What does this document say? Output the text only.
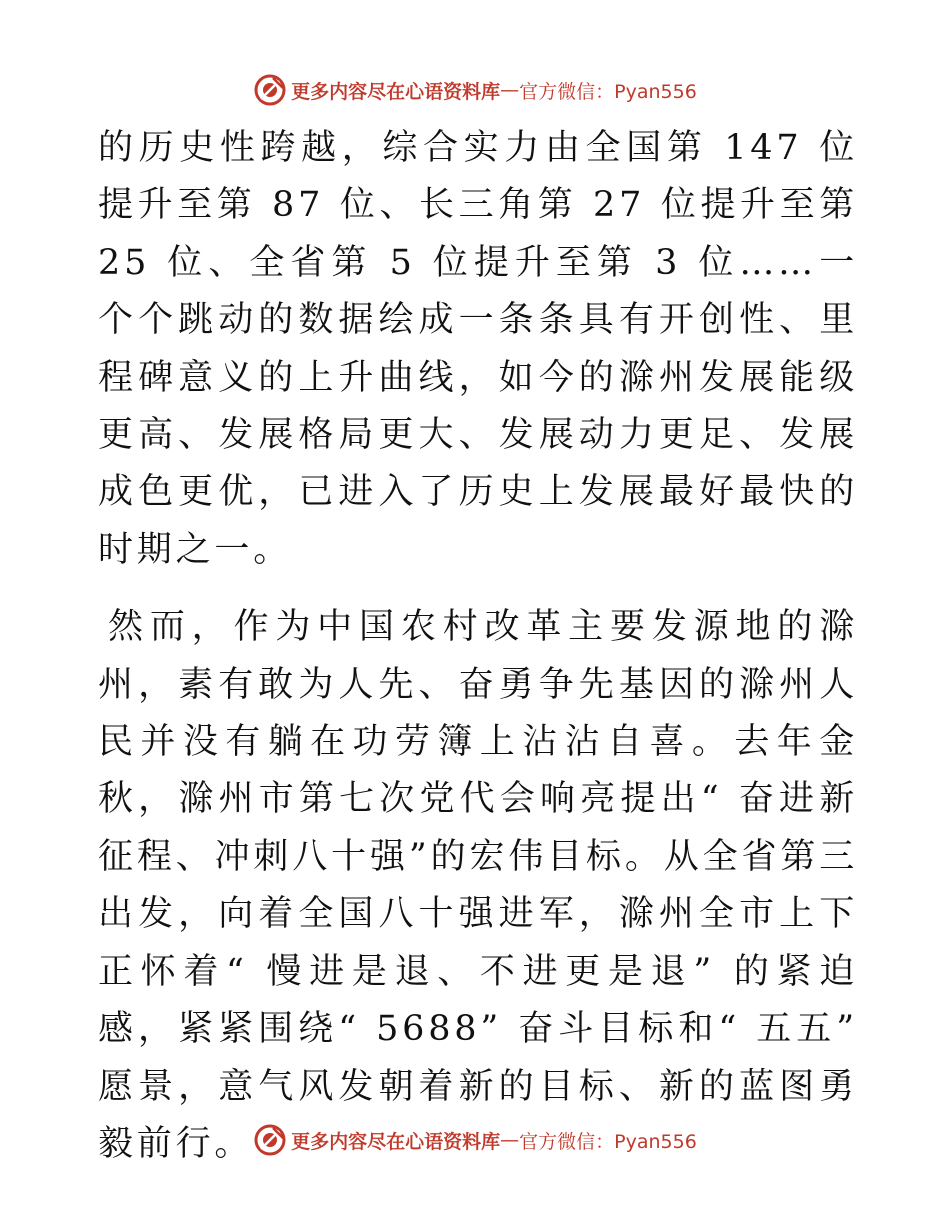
更多内容尽在心语资料库 — 官方微信：Pyan556

的历史性跨越，综合实力由全国第 147 位提升至第 87 位、长三角第 27 位提升至第 25 位、全省第 5 位提升至第 3 位……一个个跳动的数据绘成一条条具有开创性、里程碑意义的上升曲线，如今的滁州发展能级更高、发展格局更大、发展动力更足、发展成色更优，已进入了历史上发展最好最快的时期之一。

然而，作为中国农村改革主要发源地的滁州，素有敢为人先、奋勇争先基因的滁州人民并没有躺在功劳簿上沾沾自喜。去年金秋，滁州市第七次党代会响亮提出“ 奋进新征程、冲刺八十强”的宏伟目标。从全省第三出发，向着全国八十强进军，滁州全市上下正怀着“ 慢进是退、不进更是退” 的紧迫感，紧紧围绕“ 5688” 奋斗目标和“ 五五” 愿景，意气风发朝着新的目标、新的蓝图勇毅前行。	更多内容尽在心语资料库 — 官方微信：Pyan556
